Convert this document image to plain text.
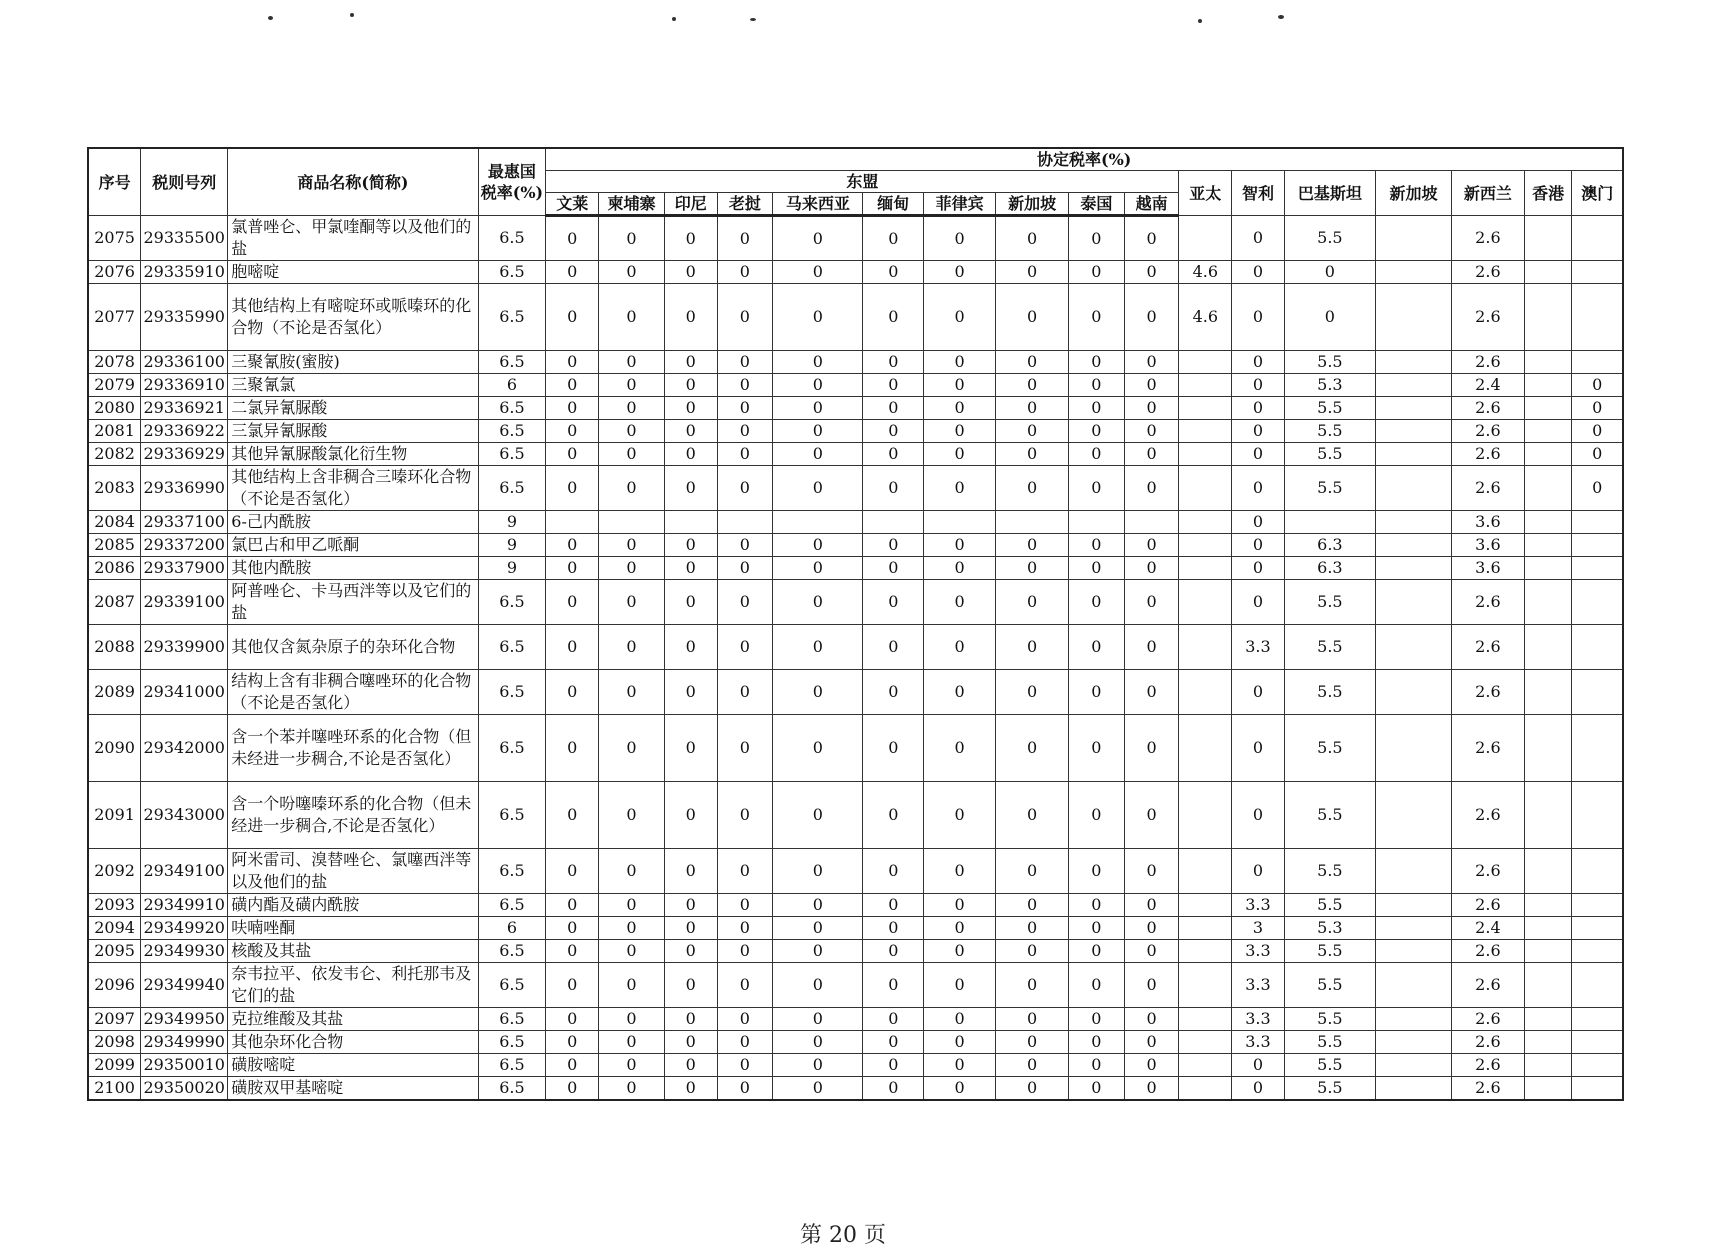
序号	税则号列	商品名称(简称)	最惠国税率(%)	协定税率(%)																
				东盟										亚太	智利	巴基斯坦	新加坡	新西兰	香港	澳门
				文莱	柬埔寨	印尼	老挝	马来西亚	缅甸	菲律宾	新加坡	泰国	越南							
2075	29335500	氯普唑仑、甲氯喹酮等以及他们的盐	6.5	0	0	0	0	0	0	0	0	0	0		0	5.5		2.6		
2076	29335910	胞嘧啶	6.5	0	0	0	0	0	0	0	0	0	0	4.6	0	0		2.6		
2077	29335990	其他结构上有嘧啶环或哌嗪环的化合物（不论是否氢化）	6.5	0	0	0	0	0	0	0	0	0	0	4.6	0	0		2.6		
2078	29336100	三聚氰胺(蜜胺)	6.5	0	0	0	0	0	0	0	0	0	0		0	5.5		2.6		
2079	29336910	三聚氰氯	6	0	0	0	0	0	0	0	0	0	0		0	5.3		2.4		0
2080	29336921	二氯异氰脲酸	6.5	0	0	0	0	0	0	0	0	0	0		0	5.5		2.6		0
2081	29336922	三氯异氰脲酸	6.5	0	0	0	0	0	0	0	0	0	0		0	5.5		2.6		0
2082	29336929	其他异氰脲酸氯化衍生物	6.5	0	0	0	0	0	0	0	0	0	0		0	5.5		2.6		0
2083	29336990	其他结构上含非稠合三嗪环化合物（不论是否氢化）	6.5	0	0	0	0	0	0	0	0	0	0		0	5.5		2.6		0
2084	29337100	6-己内酰胺	9												0			3.6		
2085	29337200	氯巴占和甲乙哌酮	9	0	0	0	0	0	0	0	0	0	0		0	6.3		3.6		
2086	29337900	其他内酰胺	9	0	0	0	0	0	0	0	0	0	0		0	6.3		3.6		
2087	29339100	阿普唑仑、卡马西泮等以及它们的盐	6.5	0	0	0	0	0	0	0	0	0	0		0	5.5		2.6		
2088	29339900	其他仅含氮杂原子的杂环化合物	6.5	0	0	0	0	0	0	0	0	0	0		3.3	5.5		2.6		
2089	29341000	结构上含有非稠合噻唑环的化合物（不论是否氢化）	6.5	0	0	0	0	0	0	0	0	0	0		0	5.5		2.6		
2090	29342000	含一个苯并噻唑环系的化合物（但未经进一步稠合,不论是否氢化）	6.5	0	0	0	0	0	0	0	0	0	0		0	5.5		2.6		
2091	29343000	含一个吩噻嗪环系的化合物（但未经进一步稠合,不论是否氢化）	6.5	0	0	0	0	0	0	0	0	0	0		0	5.5		2.6		
2092	29349100	阿米雷司、溴替唑仑、氯噻西泮等以及他们的盐	6.5	0	0	0	0	0	0	0	0	0	0		0	5.5		2.6		
2093	29349910	磺内酯及磺内酰胺	6.5	0	0	0	0	0	0	0	0	0	0		3.3	5.5		2.6		
2094	29349920	呋喃唑酮	6	0	0	0	0	0	0	0	0	0	0		3	5.3		2.4		
2095	29349930	核酸及其盐	6.5	0	0	0	0	0	0	0	0	0	0		3.3	5.5		2.6		
2096	29349940	奈韦拉平、依发韦仑、利托那韦及它们的盐	6.5	0	0	0	0	0	0	0	0	0	0		3.3	5.5		2.6		
2097	29349950	克拉维酸及其盐	6.5	0	0	0	0	0	0	0	0	0	0		3.3	5.5		2.6		
2098	29349990	其他杂环化合物	6.5	0	0	0	0	0	0	0	0	0	0		3.3	5.5		2.6		
2099	29350010	磺胺嘧啶	6.5	0	0	0	0	0	0	0	0	0	0		0	5.5		2.6		
2100	29350020	磺胺双甲基嘧啶	6.5	0	0	0	0	0	0	0	0	0	0		0	5.5		2.6		
第 20 页
